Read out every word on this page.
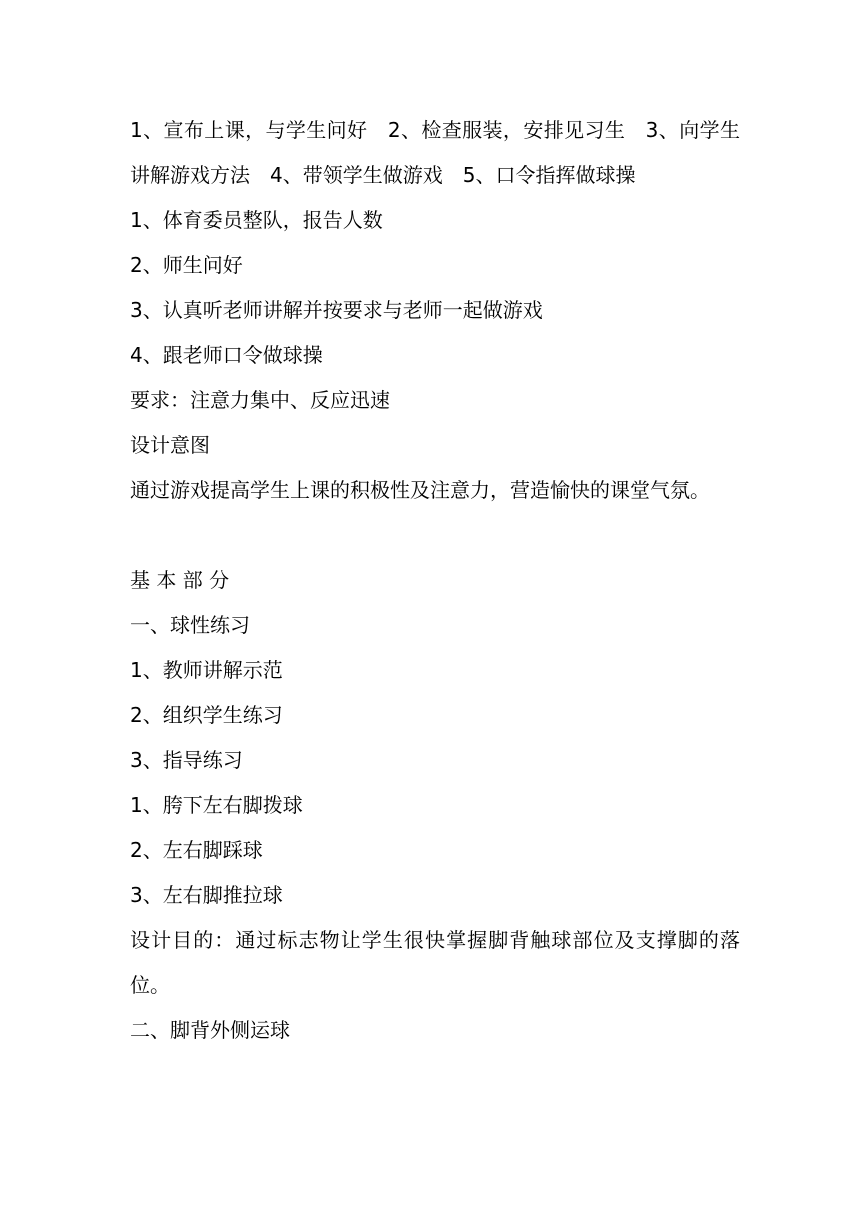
1、宣布上课，与学生问好　2、检查服装，安排见习生　3、向学生讲解游戏方法　4、带领学生做游戏　5、口令指挥做球操

1、体育委员整队，报告人数

2、师生问好

3、认真听老师讲解并按要求与老师一起做游戏

4、跟老师口令做球操

要求：注意力集中、反应迅速

设计意图

通过游戏提高学生上课的积极性及注意力，营造愉快的课堂气氛。

基 本 部 分

一、球性练习

1、教师讲解示范

2、组织学生练习

3、指导练习

1、胯下左右脚拨球

2、左右脚踩球

3、左右脚推拉球

设计目的：通过标志物让学生很快掌握脚背触球部位及支撑脚的落位。

二、脚背外侧运球
